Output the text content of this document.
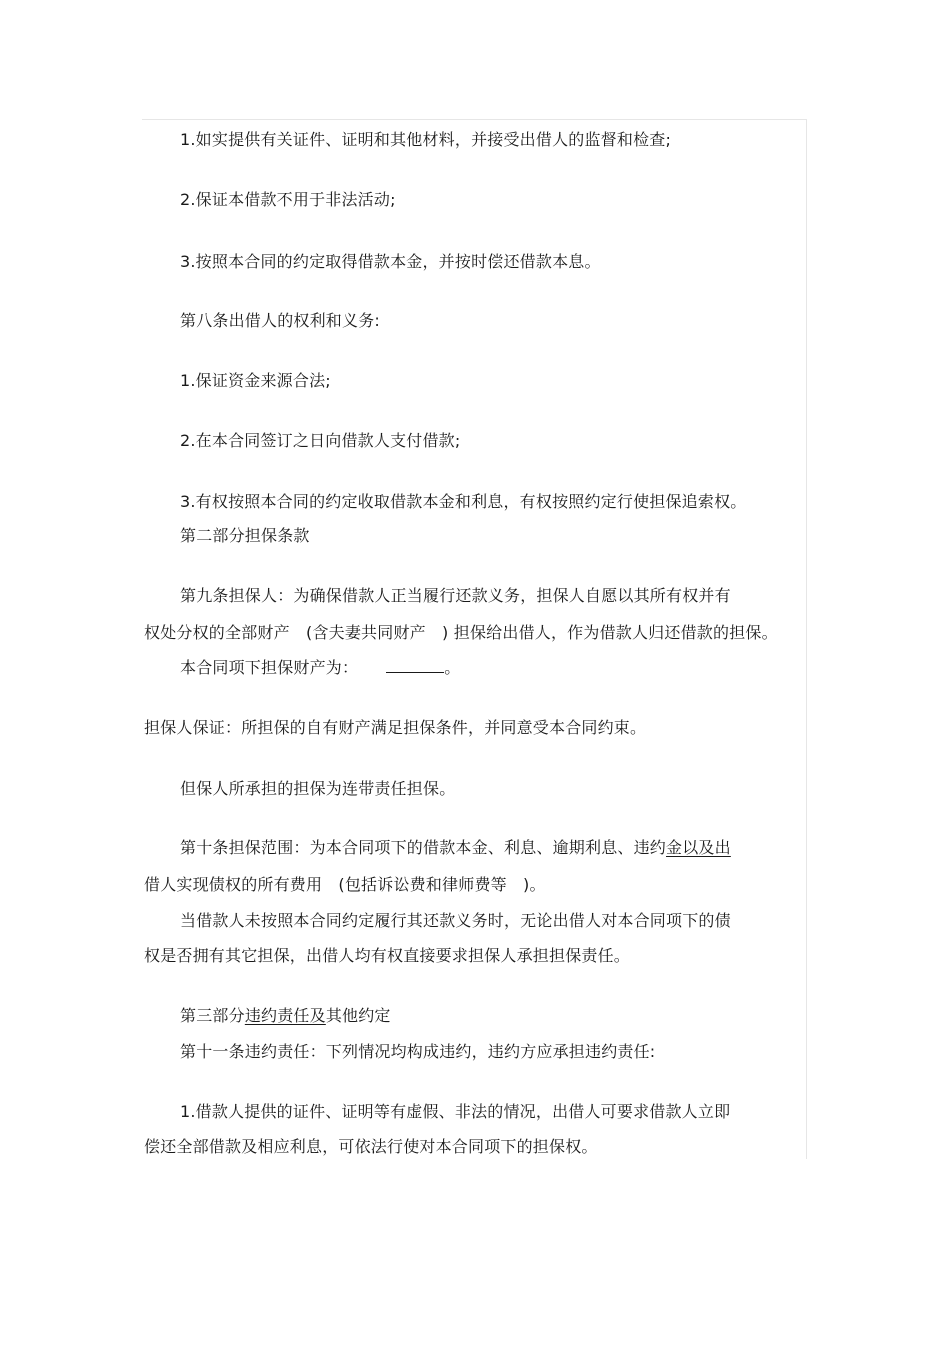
1.如实提供有关证件、证明和其他材料，并接受出借人的监督和检查;
2.保证本借款不用于非法活动;
3.按照本合同的约定取得借款本金，并按时偿还借款本息。
第八条出借人的权利和义务:
1.保证资金来源合法;
2.在本合同签订之日向借款人支付借款;
3.有权按照本合同的约定收取借款本金和利息，有权按照约定行使担保追索权。
第二部分担保条款
第九条担保人：为确保借款人正当履行还款义务，担保人自愿以其所有权并有
权处分权的全部财产　(含夫妻共同财产　) 担保给出借人，作为借款人归还借款的担保。
本合同项下担保财产为：	。
担保人保证：所担保的自有财产满足担保条件，并同意受本合同约束。
但保人所承担的担保为连带责任担保。
第十条担保范围：为本合同项下的借款本金、利息、逾期利息、违约金以及出
借人实现债权的所有费用　(包括诉讼费和律师费等　)。
当借款人未按照本合同约定履行其还款义务时，无论出借人对本合同项下的债
权是否拥有其它担保，出借人均有权直接要求担保人承担担保责任。
第三部分违约责任及其他约定
第十一条违约责任：下列情况均构成违约，违约方应承担违约责任:
1.借款人提供的证件、证明等有虚假、非法的情况，出借人可要求借款人立即
偿还全部借款及相应利息，可依法行使对本合同项下的担保权。
